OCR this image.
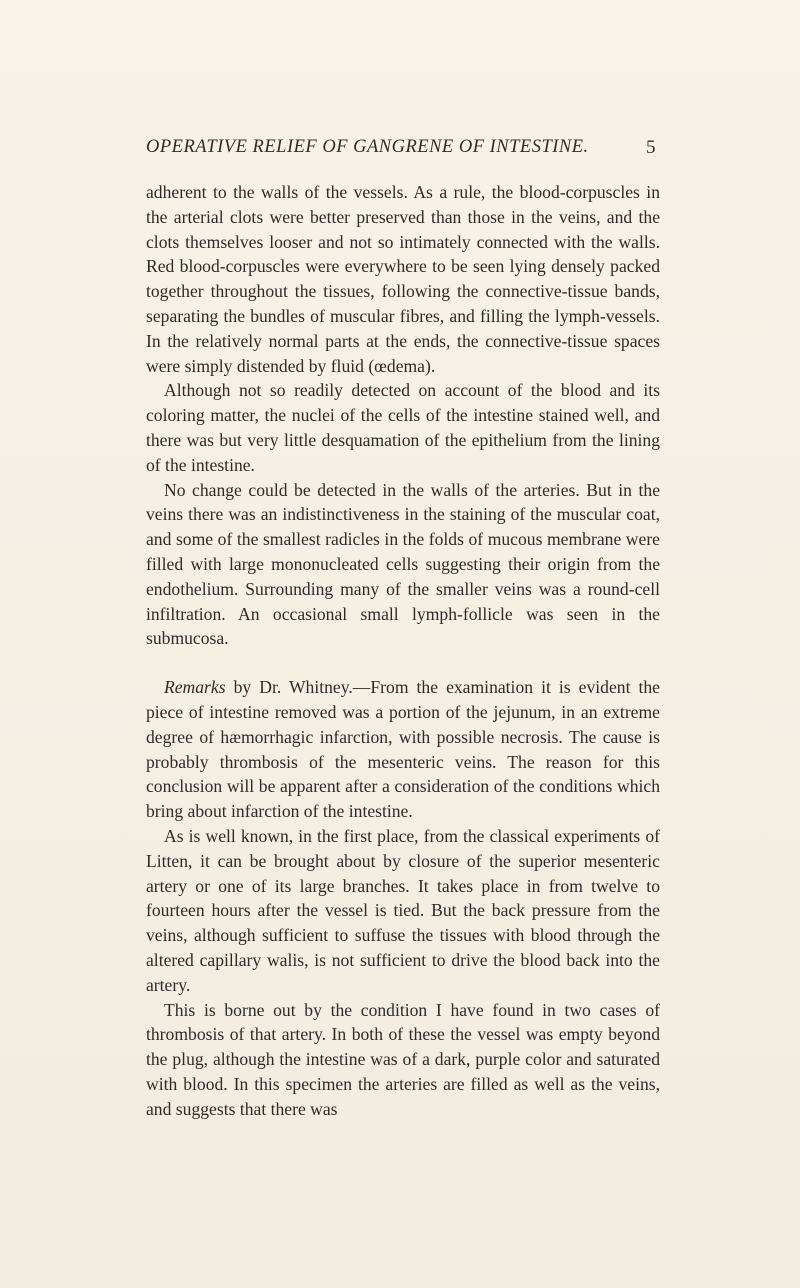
OPERATIVE RELIEF OF GANGRENE OF INTESTINE.	5

adherent to the walls of the vessels. As a rule, the blood-corpuscles in the arterial clots were better preserved than those in the veins, and the clots themselves looser and not so intimately connected with the walls. Red blood-corpuscles were everywhere to be seen lying densely packed together throughout the tissues, following the connective-tissue bands, separating the bundles of muscular fibres, and filling the lymph-vessels. In the relatively normal parts at the ends, the connective-tissue spaces were simply distended by fluid (œdema).

Although not so readily detected on account of the blood and its coloring matter, the nuclei of the cells of the intestine stained well, and there was but very little desquamation of the epithelium from the lining of the intestine.

No change could be detected in the walls of the arteries. But in the veins there was an indistinctiveness in the staining of the muscular coat, and some of the smallest radicles in the folds of mucous membrane were filled with large mononucleated cells suggesting their origin from the endothelium. Surrounding many of the smaller veins was a round-cell infiltration. An occasional small lymph-follicle was seen in the submucosa.

Remarks by Dr. Whitney.—From the examination it is evident the piece of intestine removed was a portion of the jejunum, in an extreme degree of hæmorrhagic infarction, with possible necrosis. The cause is probably thrombosis of the mesenteric veins. The reason for this conclusion will be apparent after a consideration of the conditions which bring about infarction of the intestine.

As is well known, in the first place, from the classical experiments of Litten, it can be brought about by closure of the superior mesenteric artery or one of its large branches. It takes place in from twelve to fourteen hours after the vessel is tied. But the back pressure from the veins, although sufficient to suffuse the tissues with blood through the altered capillary walis, is not sufficient to drive the blood back into the artery.

This is borne out by the condition I have found in two cases of thrombosis of that artery. In both of these the vessel was empty beyond the plug, although the intestine was of a dark, purple color and saturated with blood. In this specimen the arteries are filled as well as the veins, and suggests that there was
